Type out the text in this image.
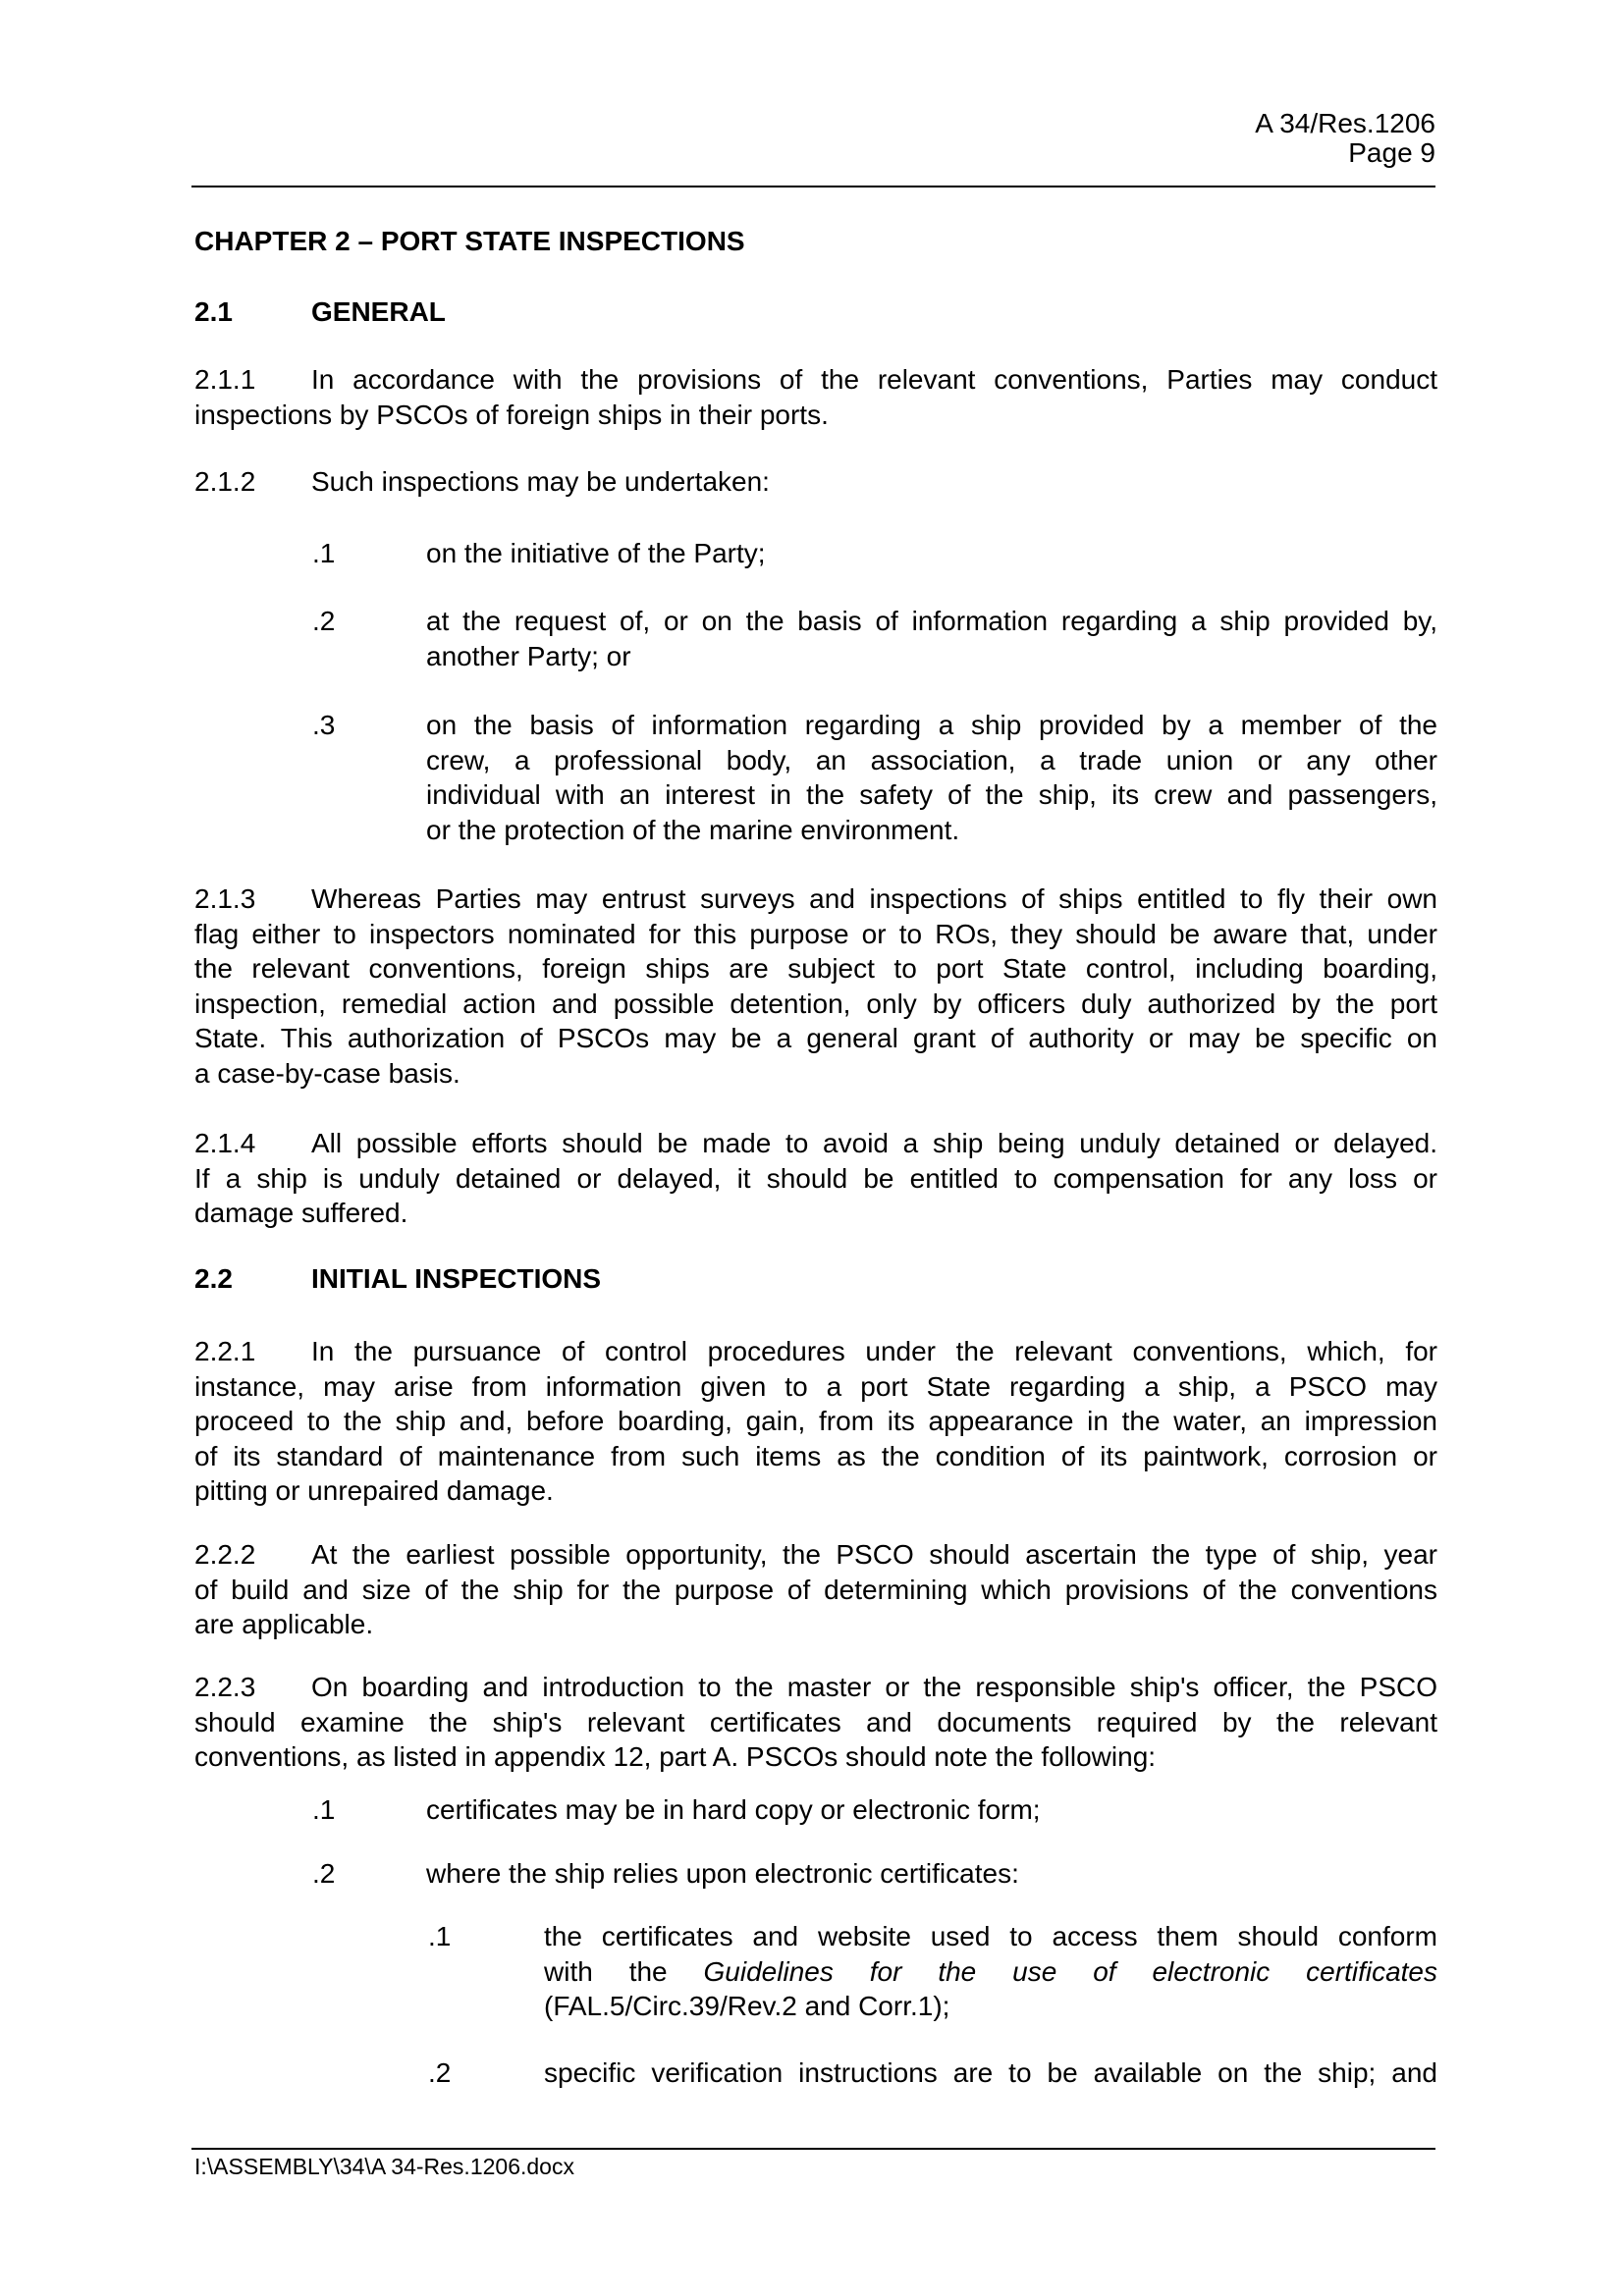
A 34/Res.1206
Page 9
CHAPTER 2 – PORT STATE INSPECTIONS
2.1	GENERAL
2.1.1 In accordance with the provisions of the relevant conventions, Parties may conduct
inspections by PSCOs of foreign ships in their ports.
2.1.2 Such inspections may be undertaken:
.1	on the initiative of the Party;
.2	at the request of, or on the basis of information regarding a ship provided by,
another Party; or
.3	on the basis of information regarding a ship provided by a member of the
crew, a professional body, an association, a trade union or any other
individual with an interest in the safety of the ship, its crew and passengers,
or the protection of the marine environment.
2.1.3 Whereas Parties may entrust surveys and inspections of ships entitled to fly their own
flag either to inspectors nominated for this purpose or to ROs, they should be aware that, under
the relevant conventions, foreign ships are subject to port State control, including boarding,
inspection, remedial action and possible detention, only by officers duly authorized by the port
State. This authorization of PSCOs may be a general grant of authority or may be specific on
a case-by-case basis.
2.1.4 All possible efforts should be made to avoid a ship being unduly detained or delayed.
If a ship is unduly detained or delayed, it should be entitled to compensation for any loss or
damage suffered.
2.2	INITIAL INSPECTIONS
2.2.1 In the pursuance of control procedures under the relevant conventions, which, for
instance, may arise from information given to a port State regarding a ship, a PSCO may
proceed to the ship and, before boarding, gain, from its appearance in the water, an impression
of its standard of maintenance from such items as the condition of its paintwork, corrosion or
pitting or unrepaired damage.
2.2.2 At the earliest possible opportunity, the PSCO should ascertain the type of ship, year
of build and size of the ship for the purpose of determining which provisions of the conventions
are applicable.
2.2.3 On boarding and introduction to the master or the responsible ship's officer, the PSCO
should examine the ship's relevant certificates and documents required by the relevant
conventions, as listed in appendix 12, part A. PSCOs should note the following:
.1	certificates may be in hard copy or electronic form;
.2	where the ship relies upon electronic certificates:
.1	the certificates and website used to access them should conform
with the Guidelines for the use of electronic certificates
(FAL.5/Circ.39/Rev.2 and Corr.1);
.2	specific verification instructions are to be available on the ship; and
I:\ASSEMBLY\34\A 34-Res.1206.docx
